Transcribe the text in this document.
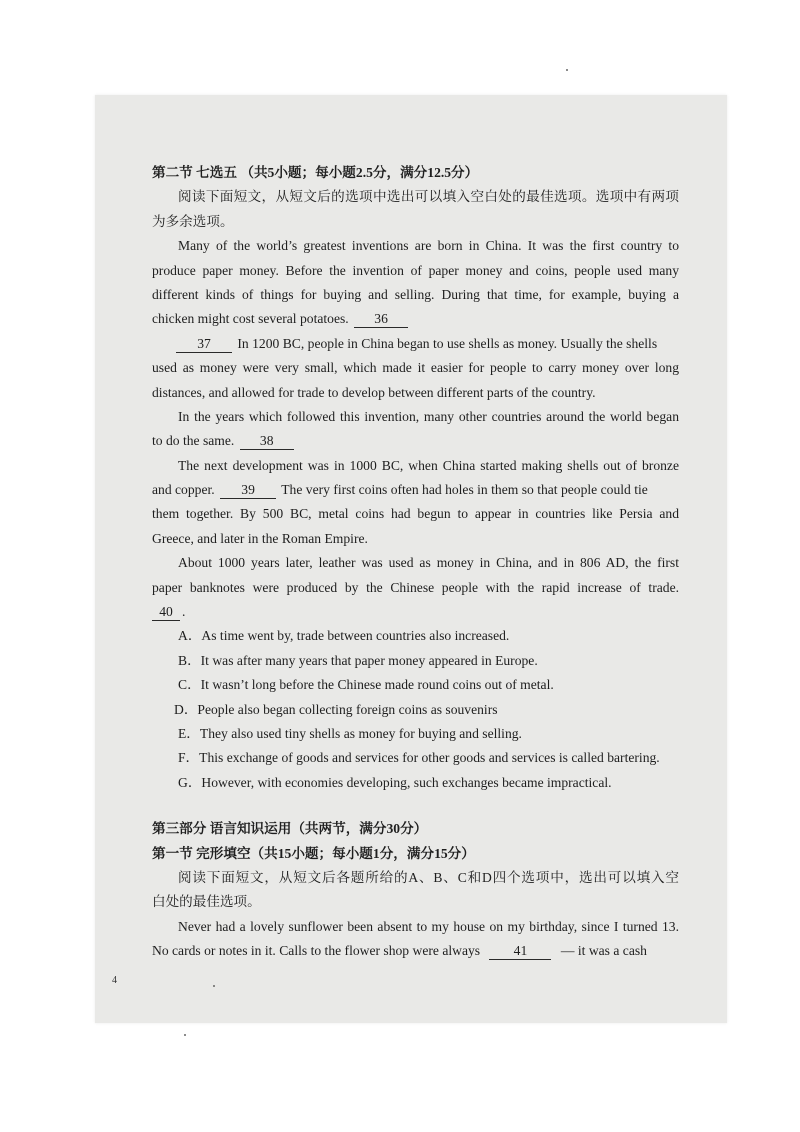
第二节 七选五 （共5小题；每小题2.5分，满分12.5分）
阅读下面短文，从短文后的选项中选出可以填入空白处的最佳选项。选项中有两项
为多余选项。
Many of the world’s greatest inventions are born in China. It was the first country to
produce paper money. Before the invention of paper money and coins, people used many
different kinds of things for buying and selling. During that time, for example, buying a
chicken might cost several potatoes. 36
37 In 1200 BC, people in China began to use shells as money. Usually the shells
used as money were very small, which made it easier for people to carry money over long
distances, and allowed for trade to develop between different parts of the country.
In the years which followed this invention, many other countries around the world began
to do the same. 38
The next development was in 1000 BC, when China started making shells out of bronze
and copper. 39 The very first coins often had holes in them so that people could tie
them together. By 500 BC, metal coins had begun to appear in countries like Persia and
Greece, and later in the Roman Empire.
About 1000 years later, leather was used as money in China, and in 806 AD, the first
paper banknotes were produced by the Chinese people with the rapid increase of trade.
40 .
A．As time went by, trade between countries also increased.
B．It was after many years that paper money appeared in Europe.
C．It wasn’t long before the Chinese made round coins out of metal.
D．People also began collecting foreign coins as souvenirs
E．They also used tiny shells as money for buying and selling.
F．This exchange of goods and services for other goods and services is called bartering.
G．However, with economies developing, such exchanges became impractical.
第三部分 语言知识运用（共两节，满分30分）
第一节 完形填空（共15小题；每小题1分，满分15分）
阅读下面短文，从短文后各题所给的A、B、C和D四个选项中，选出可以填入空
白处的最佳选项。
Never had a lovely sunflower been absent to my house on my birthday, since I turned 13.
No cards or notes in it. Calls to the flower shop were always 41 — it was a cash
4
